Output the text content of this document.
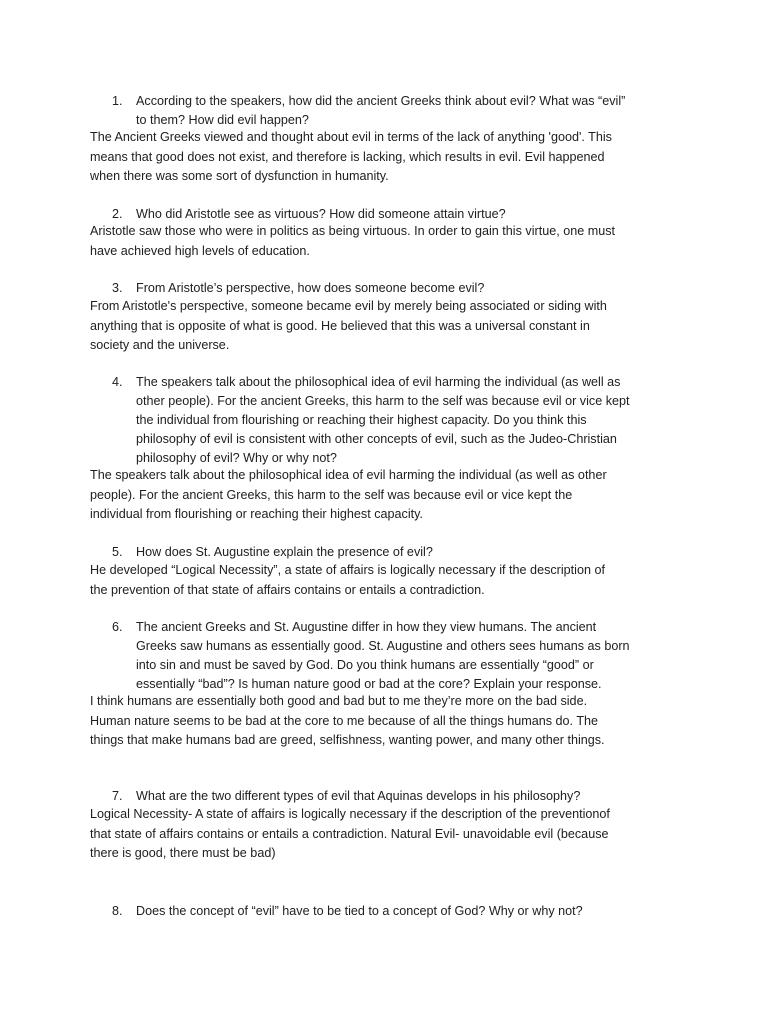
1. According to the speakers, how did the ancient Greeks think about evil? What was “evil”
to them? How did evil happen?
The Ancient Greeks viewed and thought about evil in terms of the lack of anything 'good'. This
means that good does not exist, and therefore is lacking, which results in evil. Evil happened
when there was some sort of dysfunction in humanity.
2. Who did Aristotle see as virtuous? How did someone attain virtue?
Aristotle saw those who were in politics as being virtuous. In order to gain this virtue, one must
have achieved high levels of education.
3. From Aristotle’s perspective, how does someone become evil?
From Aristotle's perspective, someone became evil by merely being associated or siding with
anything that is opposite of what is good. He believed that this was a universal constant in
society and the universe.
4. The speakers talk about the philosophical idea of evil harming the individual (as well as
other people). For the ancient Greeks, this harm to the self was because evil or vice kept
the individual from flourishing or reaching their highest capacity. Do you think this
philosophy of evil is consistent with other concepts of evil, such as the Judeo-Christian
philosophy of evil? Why or why not?
The speakers talk about the philosophical idea of evil harming the individual (as well as other
people). For the ancient Greeks, this harm to the self was because evil or vice kept the
individual from flourishing or reaching their highest capacity.
5. How does St. Augustine explain the presence of evil?
He developed “Logical Necessity”, a state of affairs is logically necessary if the description of
the prevention of that state of affairs contains or entails a contradiction.
6. The ancient Greeks and St. Augustine differ in how they view humans. The ancient
Greeks saw humans as essentially good. St. Augustine and others sees humans as born
into sin and must be saved by God. Do you think humans are essentially “good” or
essentially “bad”? Is human nature good or bad at the core? Explain your response.
I think humans are essentially both good and bad but to me they’re more on the bad side.
Human nature seems to be bad at the core to me because of all the things humans do. The
things that make humans bad are greed, selfishness, wanting power, and many other things.
7. What are the two different types of evil that Aquinas develops in his philosophy?
Logical Necessity- A state of affairs is logically necessary if the description of the preventionof
that state of affairs contains or entails a contradiction. Natural Evil- unavoidable evil (because
there is good, there must be bad)
8. Does the concept of “evil” have to be tied to a concept of God? Why or why not?
